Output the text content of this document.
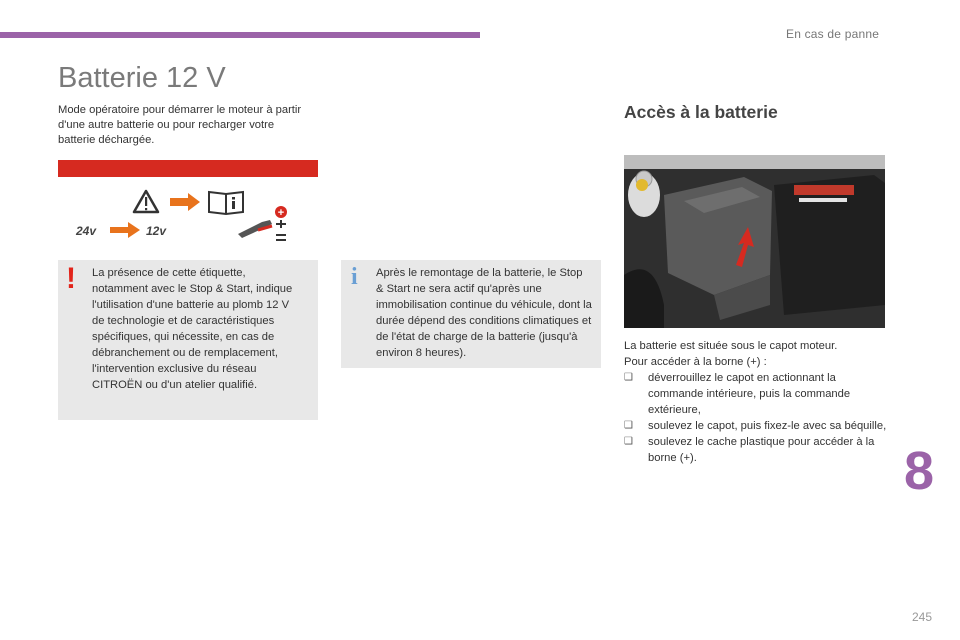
En cas de panne
Batterie 12 V
Mode opératoire pour démarrer le moteur à partir d'une autre batterie ou pour recharger votre batterie déchargée.
24v	12v
+
! La présence de cette étiquette, notamment avec le Stop & Start, indique l'utilisation d'une batterie au plomb 12 V de technologie et de caractéristiques spécifiques, qui nécessite, en cas de débranchement ou de remplacement, l'intervention exclusive du réseau CITROËN ou d'un atelier qualifié.
i Après le remontage de la batterie, le Stop & Start ne sera actif qu'après une immobilisation continue du véhicule, dont la durée dépend des conditions climatiques et de l'état de charge de la batterie (jusqu'à environ 8 heures).
Accès à la batterie

La batterie est située sous le capot moteur.

Pour accéder à la borne (+) :

❑ déverrouillez le capot en actionnant la commande intérieure, puis la commande extérieure,
❑ soulevez le capot, puis fixez-le avec sa béquille,
❑ soulevez le cache plastique pour accéder à la borne (+).	8
245
